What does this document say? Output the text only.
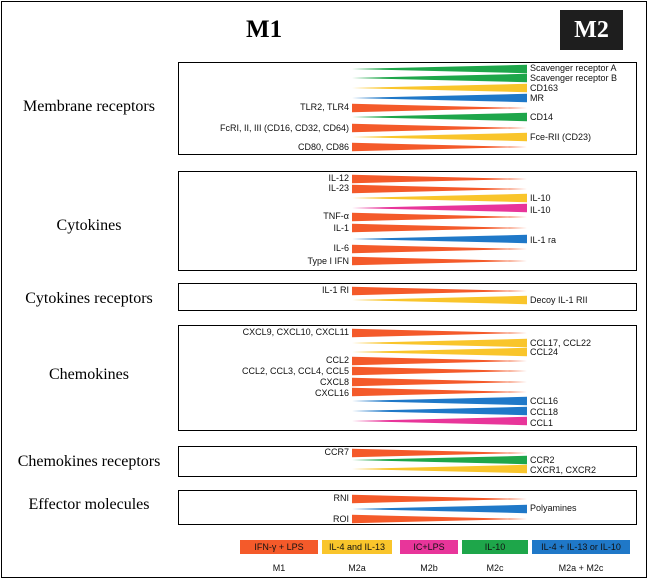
M1	M2
Membrane receptors
Cytokines
Cytokines receptors
Chemokines
Chemokines receptors
Effector molecules
Scavenger receptor A
Scavenger receptor B
CD163
MR
TLR2, TLR4
CD14
FcRI, II, III (CD16, CD32, CD64)
Fce-RII (CD23)
CD80, CD86
IL-12
IL-23
IL-10
IL-10
TNF-α
IL-1
IL-1 ra
IL-6
Type I IFN
IL-1 RI
Decoy IL-1 RII
CXCL9, CXCL10, CXCL11
CCL17, CCL22
CCL24
CCL2
CCL2, CCL3, CCL4, CCL5
CXCL8
CXCL16
CCL16
CCL18
CCL1
CCR7
CCR2
CXCR1, CXCR2
RNI
Polyamines
ROI
IFN-γ + LPS	IL-4 and IL-13	IC+LPS	IL-10	IL-4 + IL-13 or IL-10
M1	M2a	M2b	M2c	M2a + M2c
